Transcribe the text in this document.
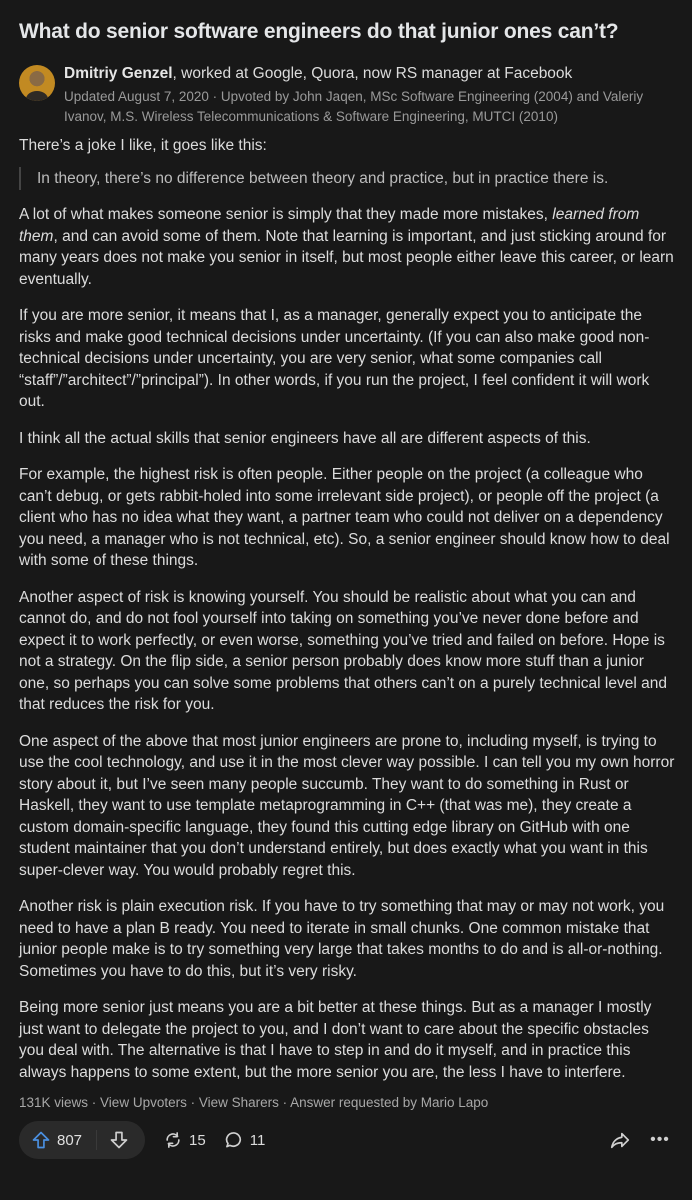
What do senior software engineers do that junior ones can’t?
Dmitriy Genzel, worked at Google, Quora, now RS manager at Facebook
Updated August 7, 2020 · Upvoted by John Jaqen, MSc Software Engineering (2004) and Valeriy Ivanov, M.S. Wireless Telecommunications & Software Engineering, MUTCI (2010)

There’s a joke I like, it goes like this:

In theory, there’s no difference between theory and practice, but in practice there is.

A lot of what makes someone senior is simply that they made more mistakes, learned from them, and can avoid some of them. Note that learning is important, and just sticking around for many years does not make you senior in itself, but most people either leave this career, or learn eventually.

If you are more senior, it means that I, as a manager, generally expect you to anticipate the risks and make good technical decisions under uncertainty. (If you can also make good non-technical decisions under uncertainty, you are very senior, what some companies call “staff”/”architect”/”principal”). In other words, if you run the project, I feel confident it will work out.

I think all the actual skills that senior engineers have all are different aspects of this.

For example, the highest risk is often people. Either people on the project (a colleague who can’t debug, or gets rabbit-holed into some irrelevant side project), or people off the project (a client who has no idea what they want, a partner team who could not deliver on a dependency you need, a manager who is not technical, etc). So, a senior engineer should know how to deal with some of these things.

Another aspect of risk is knowing yourself. You should be realistic about what you can and cannot do, and do not fool yourself into taking on something you’ve never done before and expect it to work perfectly, or even worse, something you’ve tried and failed on before. Hope is not a strategy. On the flip side, a senior person probably does know more stuff than a junior one, so perhaps you can solve some problems that others can’t on a purely technical level and that reduces the risk for you.

One aspect of the above that most junior engineers are prone to, including myself, is trying to use the cool technology, and use it in the most clever way possible. I can tell you my own horror story about it, but I’ve seen many people succumb. They want to do something in Rust or Haskell, they want to use template metaprogramming in C++ (that was me), they create a custom domain-specific language, they found this cutting edge library on GitHub with one student maintainer that you don’t understand entirely, but does exactly what you want in this super-clever way. You would probably regret this.

Another risk is plain execution risk. If you have to try something that may or may not work, you need to have a plan B ready. You need to iterate in small chunks. One common mistake that junior people make is to try something very large that takes months to do and is all-or-nothing. Sometimes you have to do this, but it’s very risky.

Being more senior just means you are a bit better at these things. But as a manager I mostly just want to delegate the project to you, and I don’t want to care about the specific obstacles you deal with. The alternative is that I have to step in and do it myself, and in practice this always happens to some extent, but the more senior you are, the less I have to interfere.

131K views · View Upvoters · View Sharers · Answer requested by Mario Lapo
807	15	11	•••
